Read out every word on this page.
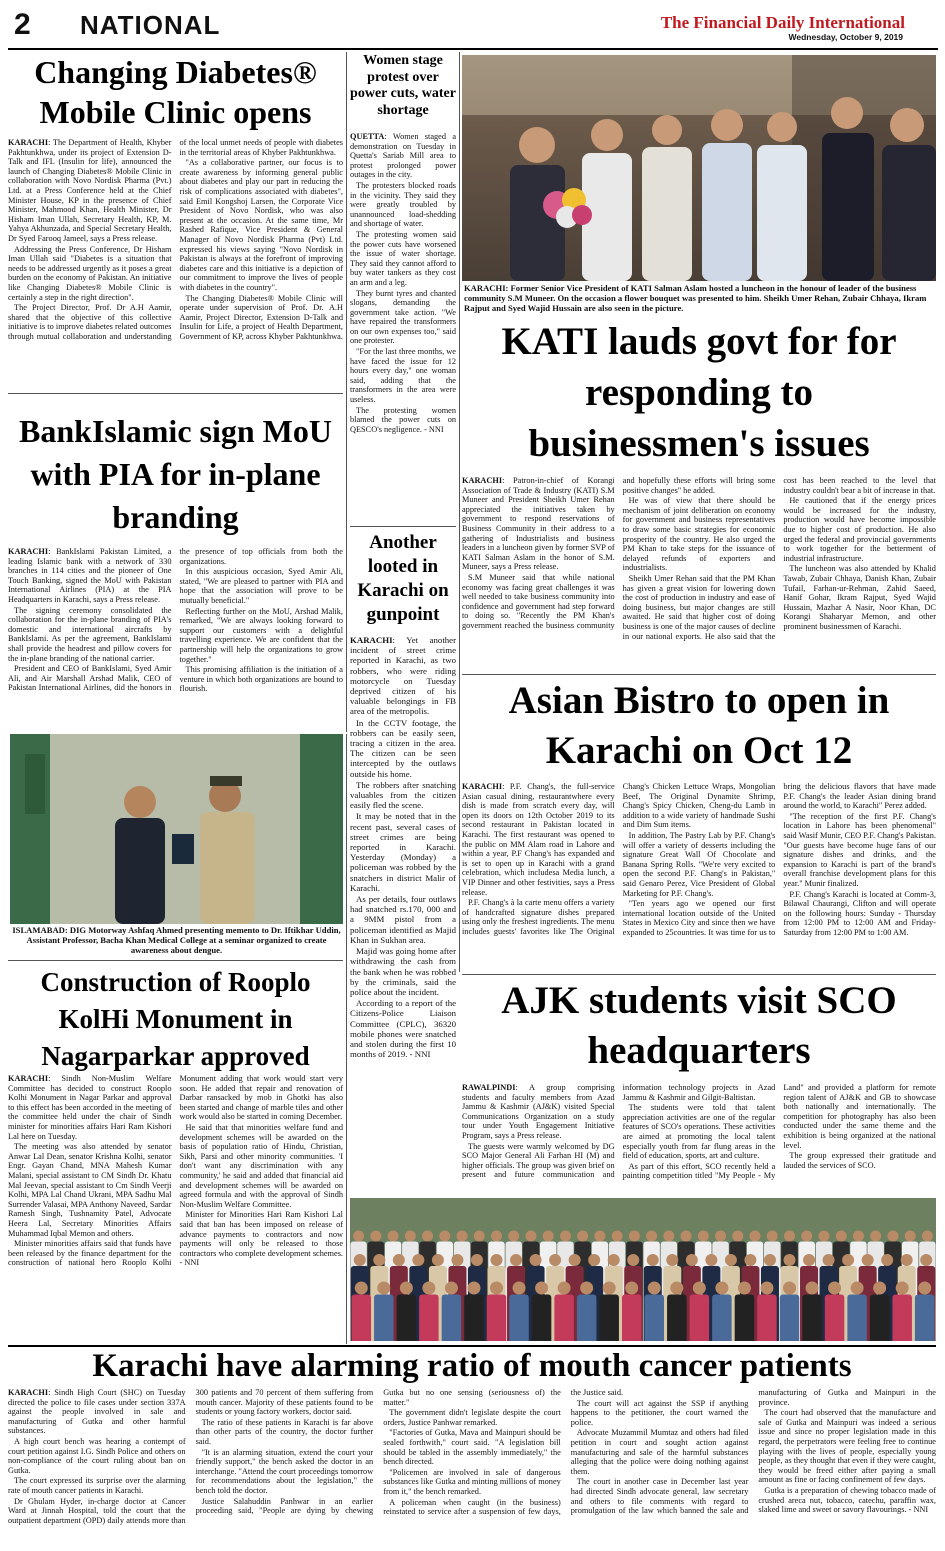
2 NATIONAL	The Financial Daily International
Wednesday, October 9, 2019
Changing Diabetes® Mobile Clinic opens

KARACHI: The Department of Health, Khyber Pakhtunkhwa, under its project of Extension D-Talk and IFL (Insulin for life), announced the launch of Changing Diabetes® Mobile Clinic in collaboration with Novo Nordisk Pharma (Pvt.) Ltd. at a Press Conference held at the Chief Minister House, KP in the presence of Chief Minister, Mahmood Khan, Health Minister, Dr Hisham Iman Ullah, Secretary Health, KP, M. Yahya Akhunzada, and Special Secretary Health, Dr Syed Farooq Jameel, says a Press release.

Addressing the Press Conference, Dr Hisham Iman Ullah said "Diabetes is a situation that needs to be addressed urgently as it poses a great burden on the economy of Pakistan. An initiative like Changing Diabetes® Mobile Clinic is certainly a step in the right direction".

The Project Director, Prof. Dr A.H Aamir, shared that the objective of this collective initiative is to improve diabetes related outcomes through mutual collaboration and understanding of the local unmet needs of people with diabetes in the territorial areas of Khyber Pakhtunkhwa.

"As a collaborative partner, our focus is to create awareness by informing general public about diabetes and play our part in reducing the risk of complications associated with diabetes", said Emil Kongshoj Larsen, the Corporate Vice President of Novo Nordisk, who was also present at the occasion. At the same time, Mr Rashed Rafique, Vice President & General Manager of Novo Nordisk Pharma (Pvt) Ltd. expressed his views saying "Novo Nordisk in Pakistan is always at the forefront of improving diabetes care and this initiative is a depiction of our commitment to improve the lives of people with diabetes in the country".

The Changing Diabetes® Mobile Clinic will operate under supervision of Prof. Dr. A.H Aamir, Project Director, Extension D-Talk and Insulin for Life, a project of Health Department, Government of KP, across Khyber Pakhtunkhwa.

Women stage protest over power cuts, water shortage

QUETTA: Women staged a demonstration on Tuesday in Quetta's Sariab Mill area to protest prolonged power outages in the city.

The protesters blocked roads in the vicinity. They said they were greatly troubled by unannounced load-shedding and shortage of water.

The protesting women said the power cuts have worsened the issue of water shortage. They said they cannot afford to buy water tankers as they cost an arm and a leg.

They burnt tyres and chanted slogans, demanding the government take action. "We have repaired the transformers on our own expenses too," said one protester.

"For the last three months, we have faced the issue for 12 hours every day," one woman said, adding that the transformers in the area were useless.

The protesting women blamed the power cuts on QESCO's negligence. - NNI

KARACHI: Former Senior Vice President of KATI Salman Aslam hosted a luncheon in the honour of leader of the business community S.M Muneer. On the occasion a flower bouquet was presented to him. Sheikh Umer Rehan, Zubair Chhaya, Ikram Rajput and Syed Wajid Hussain are also seen in the picture.
KATI lauds govt for for responding to businessmen's issues

KARACHI: Patron-in-chief of Korangi Association of Trade & Industry (KATI) S.M Muneer and President Sheikh Umer Rehan appreciated the initiatives taken by government to respond reservations of Business Community in their address to a gathering of Industrialists and business leaders in a luncheon given by former SVP of KATI Salman Aslam in the honor of S.M. Muneer, says a Press release.

S.M Muneer said that while national economy was facing great challenges it was well needed to take business community into confidence and government had step forward to doing so. "Recently the PM Khan's government reached the business community and hopefully these efforts will bring some positive changes" he added.

He was of view that there should be mechanism of joint deliberation on economy for government and business representatives to draw some basic strategies for economic prosperity of the country. He also urged the PM Khan to take steps for the issuance of delayed refunds of exporters and industrialists.

Sheikh Umer Rehan said that the PM Khan has given a great vision for lowering down the cost of production in industry and ease of doing business, but major changes are still awaited. He said that higher cost of doing business is one of the major causes of decline in our national exports. He also said that the cost has been reached to the level that industry couldn't bear a bit of increase in that.

He cautioned that if the energy prices would be increased for the industry, production would have become impossible due to higher cost of production. He also urged the federal and provincial governments to work together for the betterment of industrial infrastructure.

The luncheon was also attended by Khalid Tawab, Zubair Chhaya, Danish Khan, Zubair Tufail, Farhan-ur-Rehman, Zahid Saeed, Hanif Gohar, Ikram Rajput, Syed Wajid Hussain, Mazhar A Nasir, Noor Khan, DC Korangi Shaharyar Memon, and other prominent businessmen of Karachi.

BankIslamic sign MoU with PIA for in-plane branding

KARACHI: BankIslami Pakistan Limited, a leading Islamic bank with a network of 330 branches in 114 cities and the pioneer of One Touch Banking, signed the MoU with Pakistan International Airlines (PIA) at the PIA Headquarters in Karachi, says a Press release.

The signing ceremony consolidated the collaboration for the in-plane branding of PIA's domestic and international aircrafts by BankIslami. As per the agreement, BankIslami shall provide the headrest and pillow covers for the in-plane branding of the national carrier.

President and CEO of BankIslami, Syed Amir Ali, and Air Marshall Arshad Malik, CEO of Pakistan International Airlines, did the honors in the presence of top officials from both the organizations.

In this auspicious occasion, Syed Amir Ali, stated, "We are pleased to partner with PIA and hope that the association will prove to be mutually beneficial."

Reflecting further on the MoU, Arshad Malik, remarked, "We are always looking forward to support our customers with a delightful travelling experience. We are confident that the partnership will help the organizations to grow together."

This promising affiliation is the initiation of a venture in which both organizations are bound to flourish.

Another looted in Karachi on gunpoint

KARACHI: Yet another incident of street crime reported in Karachi, as two robbers, who were riding motorcycle on Tuesday deprived citizen of his valuable belongings in FB area of the metropolis.

In the CCTV footage, the robbers can be easily seen, tracing a citizen in the area. The citizen can be seen intercepted by the outlaws outside his home.

The robbers after snatching valuables from the citizen easily fled the scene.

It may be noted that in the recent past, several cases of street crimes are being reported in Karachi. Yesterday (Monday) a policeman was robbed by the snatchers in district Malir of Karachi.

As per details, four outlaws had snatched rs.170, 000 and a 9MM pistol from a policeman identified as Majid Khan in Sukhan area.

Majid was going home after withdrawing the cash from the bank when he was robbed by the criminals, said the police about the incident.

According to a report of the Citizens-Police Liaison Committee (CPLC), 36320 mobile phones were snatched and stolen during the first 10 months of 2019. - NNI

ISLAMABAD: DIG Motorway Ashfaq Ahmed presenting memento to Dr. Iftikhar Uddin, Assistant Professor, Bacha Khan Medical College at a seminar organized to create awareness about dengue.
Construction of Rooplo KolHi Monument in Nagarparkar approved

KARACHI: Sindh Non-Muslim Welfare Committee has decided to construct Rooplo Kolhi Monument in Nagar Parkar and approval to this effect has been accorded in the meeting of the committee held under the chair of Sindh minister for minorities affairs Hari Ram Kishori Lal here on Tuesday.

The meeting was also attended by senator Anwar Lal Dean, senator Krishna Kolhi, senator Engr. Gayan Chand, MNA Mahesh Kumar Malani, special assistant to CM Sindh Dr. Khatu Mal Jeevan, special assistant to Cm Sindh Veerji Kolhi, MPA Lal Chand Ukrani, MPA Sadhu Mal Surrender Valasai, MPA Anthony Naveed, Sardar Ramesh Singh, Tushnamity Patel, Advocate Heera Lal, Secretary Minorities Affairs Muhammad Iqbal Memon and others.

Minister minorities affairs said that funds have been released by the finance department for the construction of national hero Rooplo Kolhi Monument adding that work would start very soon. He added that repair and renovation of Darbar ransacked by mob in Ghotki has also been started and change of marble tiles and other work would also be started in coming December.

He said that that minorities welfare fund and development schemes will be awarded on the basis of population ratio of Hindu, Christian, Sikh, Parsi and other minority communities. 'I don't want any discrimination with any community,' he said and added that financial aid and development schemes will be awarded on agreed formula and with the approval of Sindh Non-Muslim Welfare Committee.

Minister for Minorities Hari Ram Kishori Lal said that ban has been imposed on release of advance payments to contractors and now payments will only be released to those contractors who complete development schemes. - NNI

Asian Bistro to open in Karachi on Oct 12

KARACHI: P.F. Chang's, the full-service Asian casual dining, restaurantwhere every dish is made from scratch every day, will open its doors on 12th October 2019 to its second restaurant in Pakistan located in Karachi. The first restaurant was opened to the public on MM Alam road in Lahore and within a year, P.F Chang's has expanded and is set to open up in Karachi with a grand celebration, which includesa Media lunch, a VIP Dinner and other festivities, says a Press release.

P.F. Chang's à la carte menu offers a variety of handcrafted signature dishes prepared using only the freshest ingredients. The menu includes guests' favorites like The Original Chang's Chicken Lettuce Wraps, Mongolian Beef, The Original Dynamite Shrimp, Chang's Spicy Chicken, Cheng-du Lamb in addition to a wide variety of handmade Sushi and Dim Sum items.

In addition, The Pastry Lab by P.F. Chang's will offer a variety of desserts including the signature Great Wall Of Chocolate and Banana Spring Rolls. "We're very excited to open the second P.F. Chang's in Pakistan," said Genaro Perez, Vice President of Global Marketing for P.F. Chang's.

"Ten years ago we opened our first international location outside of the United States in Mexico City and since then we have expanded to 25countries. It was time for us to bring the delicious flavors that have made P.F. Chang's the leader Asian dining brand around the world, to Karachi" Perez added.

"The reception of the first P.F. Chang's location in Lahore has been phenomenal" said Wasif Munir, CEO P.F. Chang's Pakistan. "Our guests have become huge fans of our signature dishes and drinks, and the expansion to Karachi is part of the brand's overall franchise development plans for this year." Munir finalized.

P.F. Chang's Karachi is located at Comm-3, Bilawal Chaurangi, Clifton and will operate on the following hours: Sunday - Thursday from 12:00 PM to 12:00 AM and Friday-Saturday from 12:00 PM to 1:00 AM.

AJK students visit SCO headquarters

RAWALPINDI: A group comprising students and faculty members from Azad Jammu & Kashmir (AJ&K) visited Special Communications Organization on a study tour under Youth Engagement Initiative Program, says a Press release.

The guests were warmly welcomed by DG SCO Major General Ali Farhan HI (M) and higher officials. The group was given brief on present and future communication and information technology projects in Azad Jammu & Kashmir and Gilgit-Baltistan.

The students were told that talent appreciation activities are one of the regular features of SCO's operations. These activities are aimed at promoting the local talent especially youth from far flung areas in the field of education, sports, art and culture.

As part of this effort, SCO recently held a painting competition titled "My People - My Land" and provided a platform for remote region talent of AJ&K and GB to showcase both nationally and internationally. The competition for photography has also been conducted under the same theme and the exhibition is being organized at the national level.

The group expressed their gratitude and lauded the services of SCO.

Karachi have alarming ratio of mouth cancer patients

KARACHI: Sindh High Court (SHC) on Tuesday directed the police to file cases under section 337A against the people involved in sale and manufacturing of Gutka and other harmful substances.

A high court bench was hearing a contempt of court petition against I.G. Sindh Police and others on non-compliance of the court ruling about ban on Gutka.

The court expressed its surprise over the alarming rate of mouth cancer patients in Karachi.

Dr Ghulam Hyder, in-charge doctor at Cancer Ward at Jinnah Hospital, told the court that the outpatient department (OPD) daily attends more than 300 patients and 70 percent of them suffering from mouth cancer. Majority of these patients found to be students or young factory workers, doctor said.

The ratio of these patients in Karachi is far above than other parts of the country, the doctor further said.

"It is an alarming situation, extend the court your friendly support," the bench asked the doctor in an interchange. "Attend the court proceedings tomorrow for recommendations about the legislation," the bench told the doctor.

Justice Salahuddin Panhwar in an earlier proceeding said, "People are dying by chewing Gutka but no one sensing (seriousness of) the matter."

The government didn't legislate despite the court orders, Justice Panhwar remarked.

"Factories of Gutka, Mava and Mainpuri should be sealed forthwith," court said. "A legislation bill should be tabled in the assembly immediately," the bench directed.

"Policemen are involved in sale of dangerous substances like Gutka and minting millions of money from it," the bench remarked.

A policeman when caught (in the business) reinstated to service after a suspension of few days, the Justice said.

The court will act against the SSP if anything happens to the petitioner, the court warned the police.

Advocate Muzammil Mumtaz and others had filed petition in court and sought action against manufacturing and sale of the harmful substances alleging that the police were doing nothing against them.

The court in another case in December last year had directed Sindh advocate general, law secretary and others to file comments with regard to promulgation of the law which banned the sale and manufacturing of Gutka and Mainpuri in the province.

The court had observed that the manufacture and sale of Gutka and Mainpuri was indeed a serious issue and since no proper legislation made in this regard, the perpetrators were feeling free to continue playing with the lives of people, especially young people, as they thought that even if they were caught, they would be freed either after paying a small amount as fine or facing confinement of few days.

Gutka is a preparation of chewing tobacco made of crushed areca nut, tobacco, catechu, paraffin wax, slaked lime and sweet or savory flavourings. - NNI
